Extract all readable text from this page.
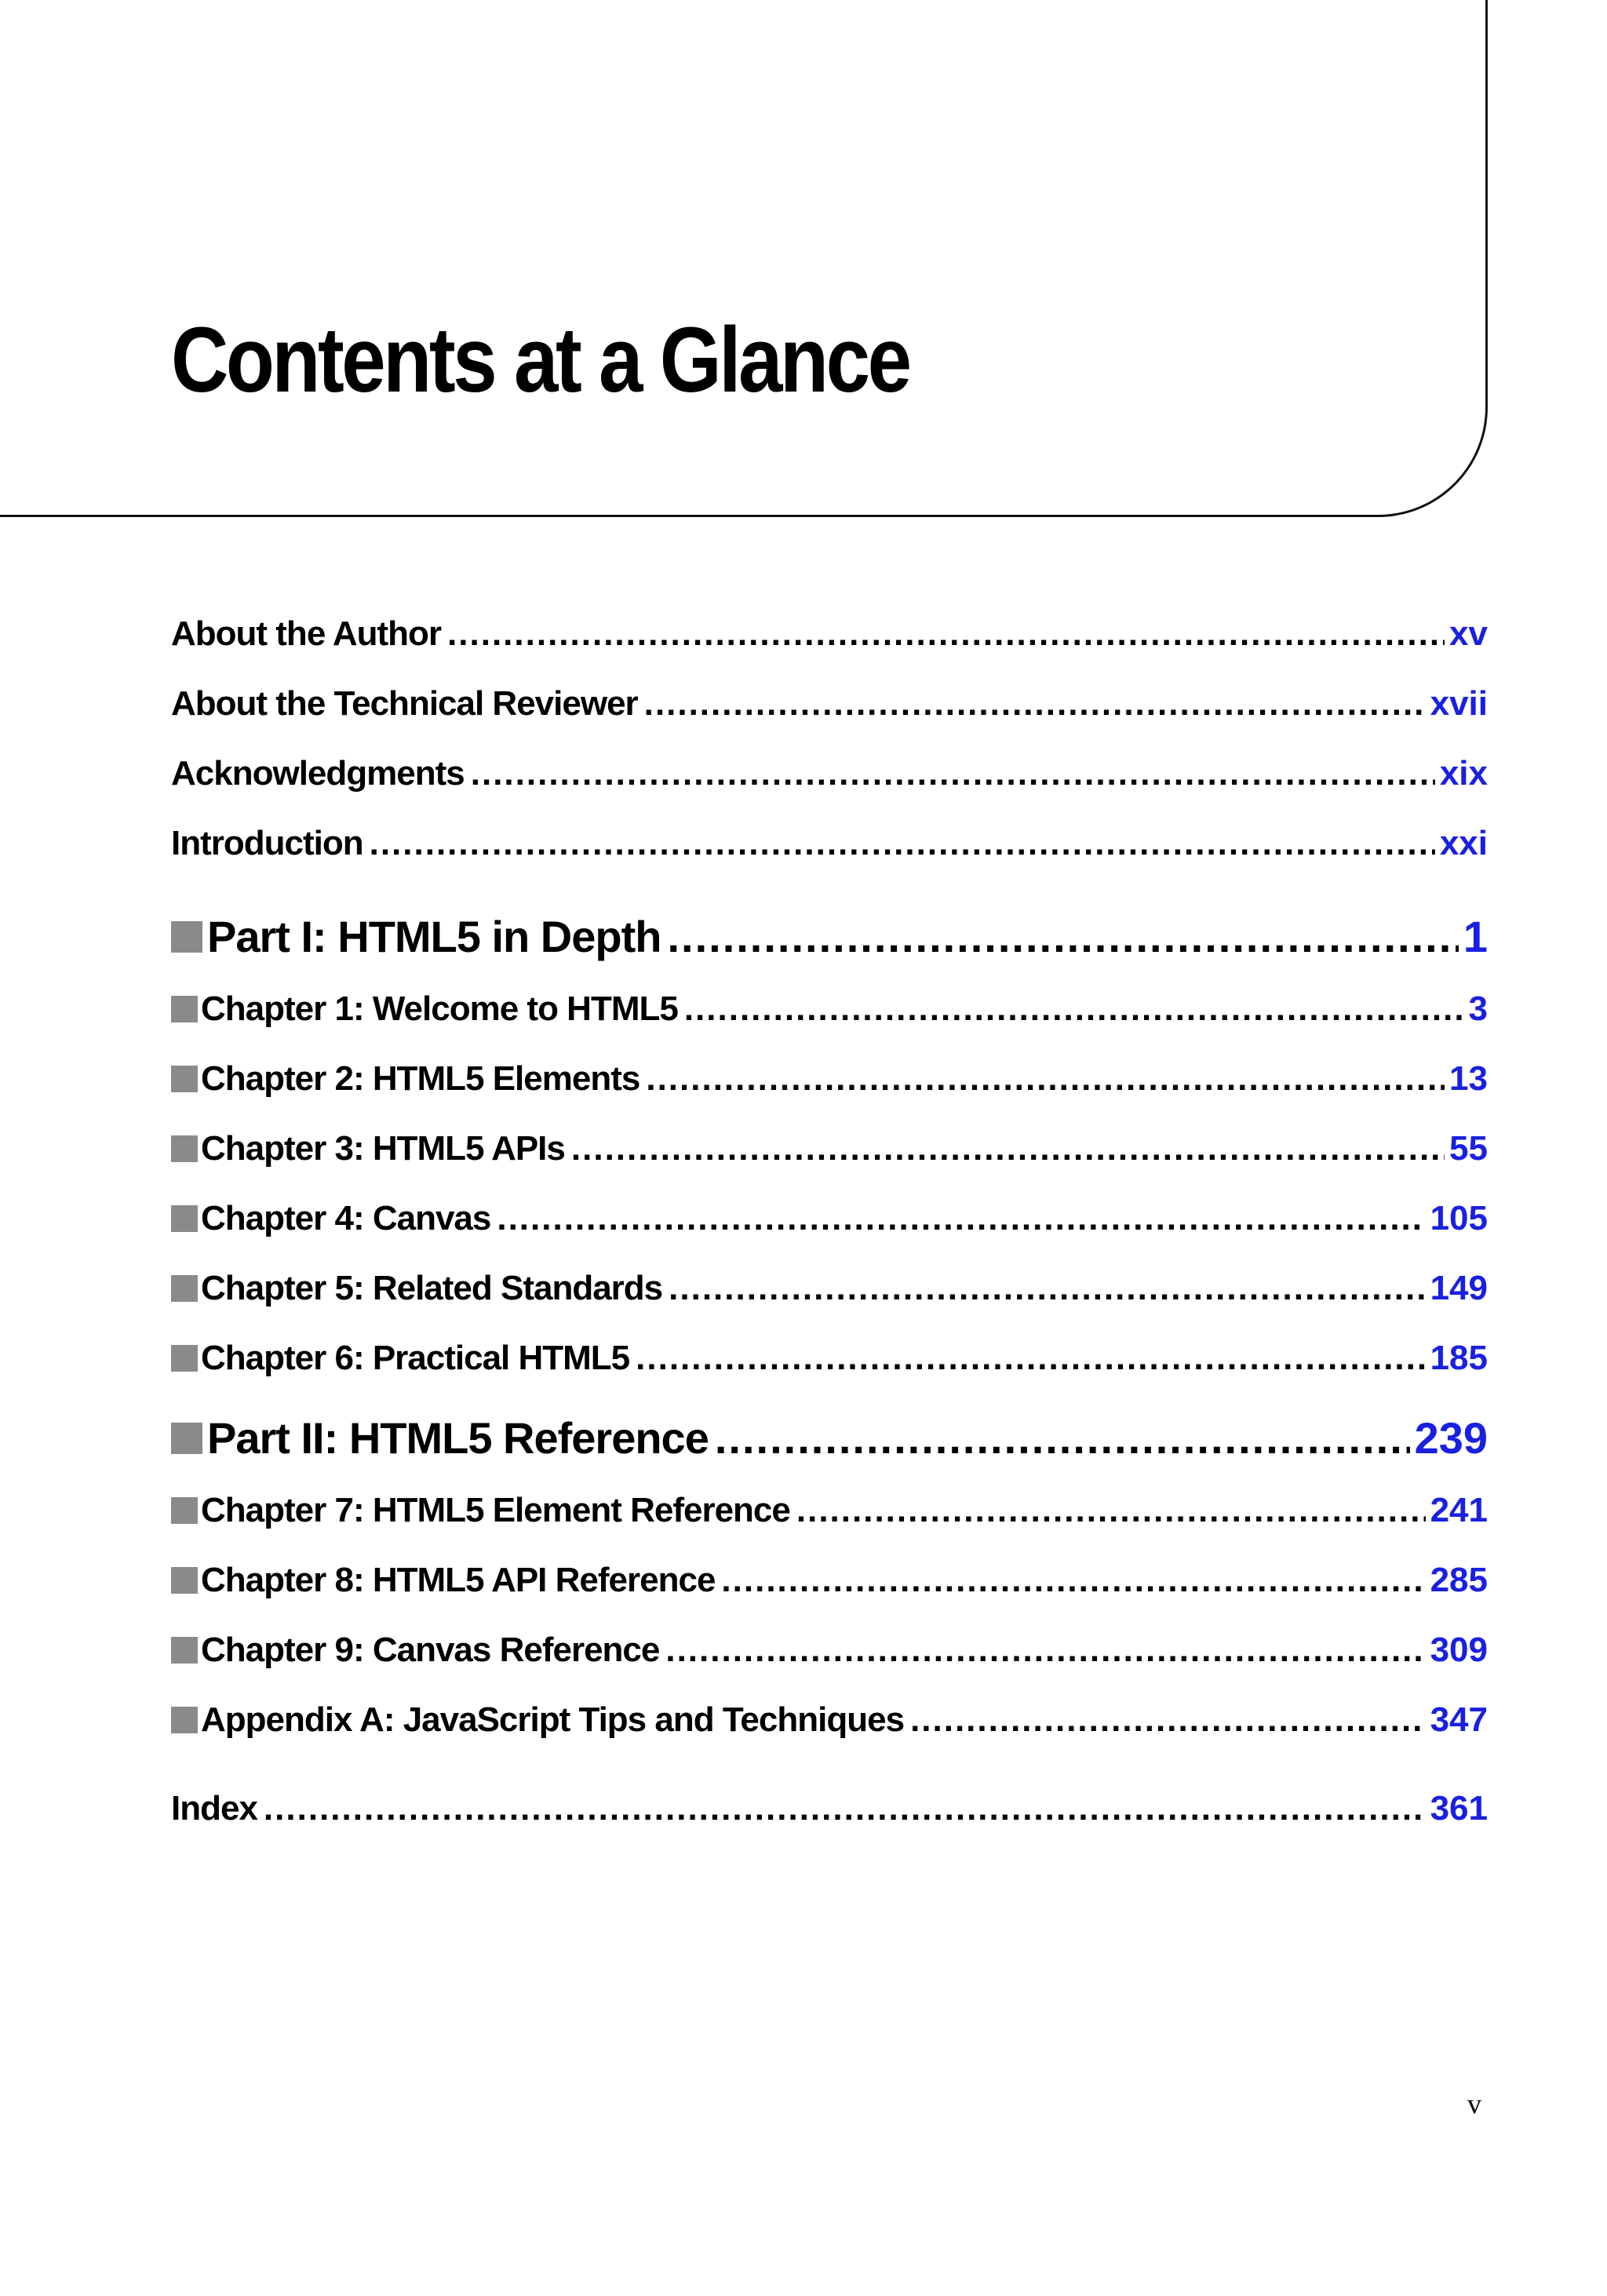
Contents at a Glance
About the Author .....	xv
About the Technical Reviewer .....	xvii
Acknowledgments .....	xix
Introduction .....	xxi
Part I: HTML5 in Depth .....	1
Chapter 1: Welcome to HTML5 .....	3
Chapter 2: HTML5 Elements .....	13
Chapter 3: HTML5 APIs .....	55
Chapter 4: Canvas .....	105
Chapter 5: Related Standards .....	149
Chapter 6: Practical HTML5 .....	185
Part II: HTML5 Reference .....	239
Chapter 7: HTML5 Element Reference .....	241
Chapter 8: HTML5 API Reference .....	285
Chapter 9: Canvas Reference .....	309
Appendix A: JavaScript Tips and Techniques .....	347
Index .....	361
v
